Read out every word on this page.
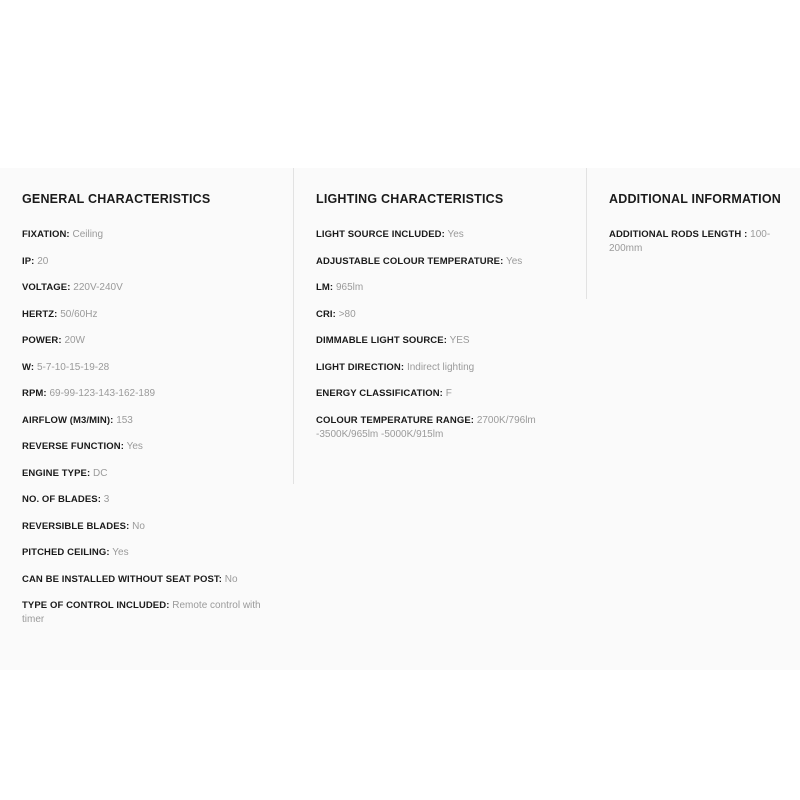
GENERAL CHARACTERISTICS
FIXATION: Ceiling
IP: 20
VOLTAGE: 220V-240V
HERTZ: 50/60Hz
POWER: 20W
W: 5-7-10-15-19-28
RPM: 69-99-123-143-162-189
AIRFLOW (M3/MIN): 153
REVERSE FUNCTION: Yes
ENGINE TYPE: DC
NO. OF BLADES: 3
REVERSIBLE BLADES: No
PITCHED CEILING: Yes
CAN BE INSTALLED WITHOUT SEAT POST: No
TYPE OF CONTROL INCLUDED: Remote control with timer
LIGHTING CHARACTERISTICS
LIGHT SOURCE INCLUDED: Yes
ADJUSTABLE COLOUR TEMPERATURE: Yes
LM: 965lm
CRI: >80
DIMMABLE LIGHT SOURCE: YES
LIGHT DIRECTION: Indirect lighting
ENERGY CLASSIFICATION: F
COLOUR TEMPERATURE RANGE: 2700K/796lm -3500K/965lm -5000K/915lm
ADDITIONAL INFORMATION
ADDITIONAL RODS LENGTH : 100-200mm
